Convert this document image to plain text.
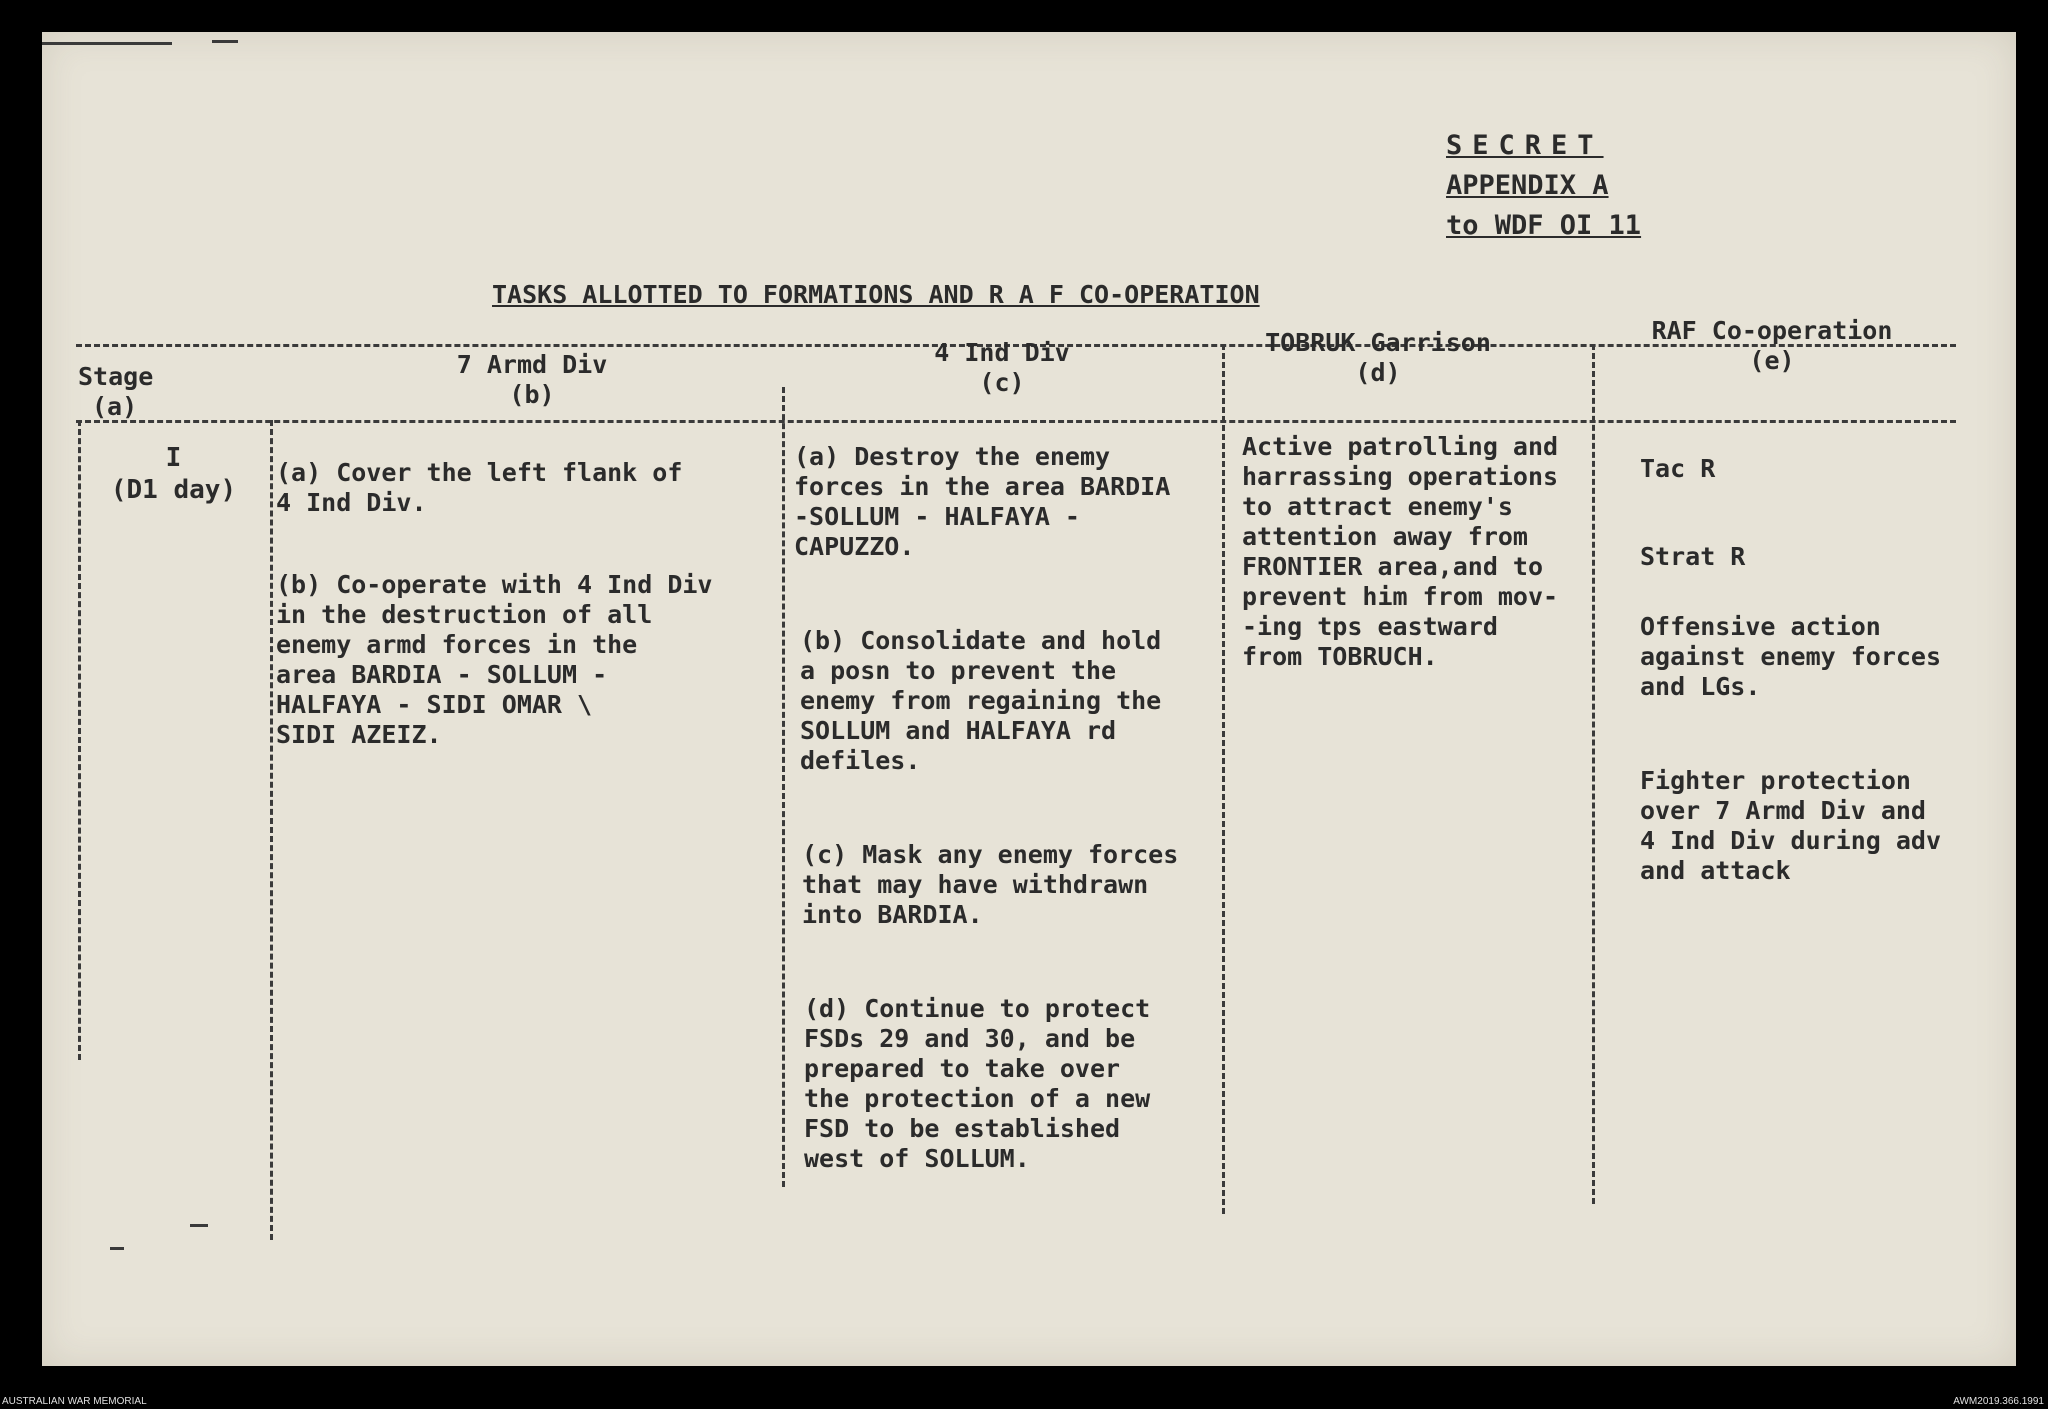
SECRET
APPENDIX A
to WDF OI 11
TASKS ALLOTTED TO FORMATIONS AND R A F CO-OPERATION
Stage
(a)
7 Armd Div
(b)
4 Ind Div
(c)
TOBRUK Garrison
(d)
RAF Co-operation
(e)
I
(D1 day)

(a) Cover the left flank of
4 Ind Div.

(b) Co-operate with 4 Ind Div
in the destruction of all
enemy armd forces in the
area BARDIA - SOLLUM -
HALFAYA - SIDI OMAR \
SIDI AZEIZ.

(a) Destroy the enemy
forces in the area BARDIA
-SOLLUM - HALFAYA -
CAPUZZO.

(b) Consolidate and hold
a posn to prevent the
enemy from regaining the
SOLLUM and HALFAYA rd
defiles.

(c) Mask any enemy forces
that may have withdrawn
into BARDIA.

(d) Continue to protect
FSDs 29 and 30, and be
prepared to take over
the protection of a new
FSD to be established
west of SOLLUM.

Active patrolling and
harrassing operations
to attract enemy's
attention away from
FRONTIER area,and to
prevent him from mov-
-ing tps eastward
from TOBRUCH.

Tac R

Strat R

Offensive action
against enemy forces
and LGs.

Fighter protection
over 7 Armd Div and
4 Ind Div during adv
and attack

AUSTRALIAN WAR MEMORIAL	AWM2019.366.1991
